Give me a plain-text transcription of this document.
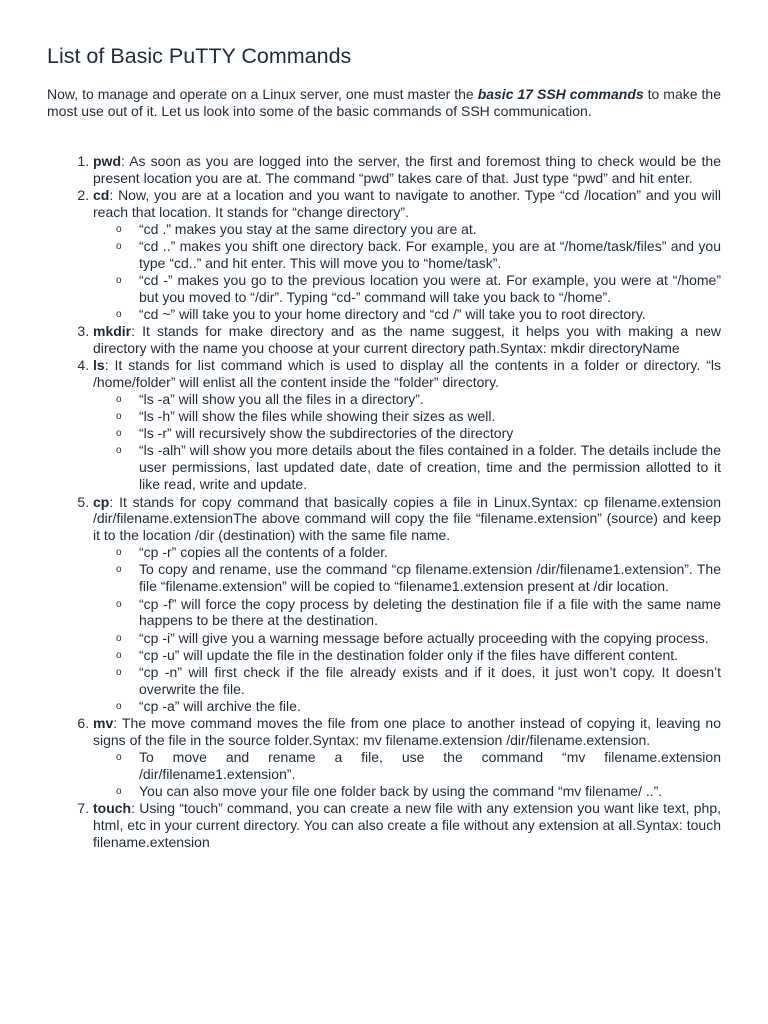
List of Basic PuTTY Commands

Now, to manage and operate on a Linux server, one must master the basic 17 SSH commands to make the most use out of it. Let us look into some of the basic commands of SSH communication.

1. pwd: As soon as you are logged into the server, the first and foremost thing to check would be the present location you are at. The command “pwd” takes care of that. Just type “pwd” and hit enter.
2. cd: Now, you are at a location and you want to navigate to another. Type “cd /location” and you will reach that location. It stands for “change directory”.
o “cd .” makes you stay at the same directory you are at.
o “cd ..” makes you shift one directory back. For example, you are at “/home/task/files” and you type “cd..” and hit enter. This will move you to “home/task”.
o “cd -” makes you go to the previous location you were at. For example, you were at “/home” but you moved to “/dir”. Typing “cd-” command will take you back to “/home”.
o “cd ~” will take you to your home directory and “cd /” will take you to root directory.
3. mkdir: It stands for make directory and as the name suggest, it helps you with making a new directory with the name you choose at your current directory path.Syntax: mkdir directoryName
4. ls: It stands for list command which is used to display all the contents in a folder or directory. “ls /home/folder” will enlist all the content inside the “folder” directory.
o “ls -a” will show you all the files in a directory”.
o “ls -h” will show the files while showing their sizes as well.
o “ls -r” will recursively show the subdirectories of the directory
o “ls -alh” will show you more details about the files contained in a folder. The details include the user permissions, last updated date, date of creation, time and the permission allotted to it like read, write and update.
5. cp: It stands for copy command that basically copies a file in Linux.Syntax: cp filename.extension /dir/filename.extensionThe above command will copy the file “filename.extension” (source) and keep it to the location /dir (destination) with the same file name.
o “cp -r” copies all the contents of a folder.
o To copy and rename, use the command “cp filename.extension /dir/filename1.extension”. The file “filename.extension” will be copied to “filename1.extension present at /dir location.
o “cp -f” will force the copy process by deleting the destination file if a file with the same name happens to be there at the destination.
o “cp -i” will give you a warning message before actually proceeding with the copying process.
o “cp -u” will update the file in the destination folder only if the files have different content.
o “cp -n” will first check if the file already exists and if it does, it just won’t copy. It doesn’t overwrite the file.
o “cp -a” will archive the file.
6. mv: The move command moves the file from one place to another instead of copying it, leaving no signs of the file in the source folder.Syntax: mv filename.extension /dir/filename.extension.
o To move and rename a file, use the command “mv filename.extension /dir/filename1.extension”.
o You can also move your file one folder back by using the command “mv filename/ ..”.
7. touch: Using “touch” command, you can create a new file with any extension you want like text, php, html, etc in your current directory. You can also create a file without any extension at all.Syntax: touch filename.extension
